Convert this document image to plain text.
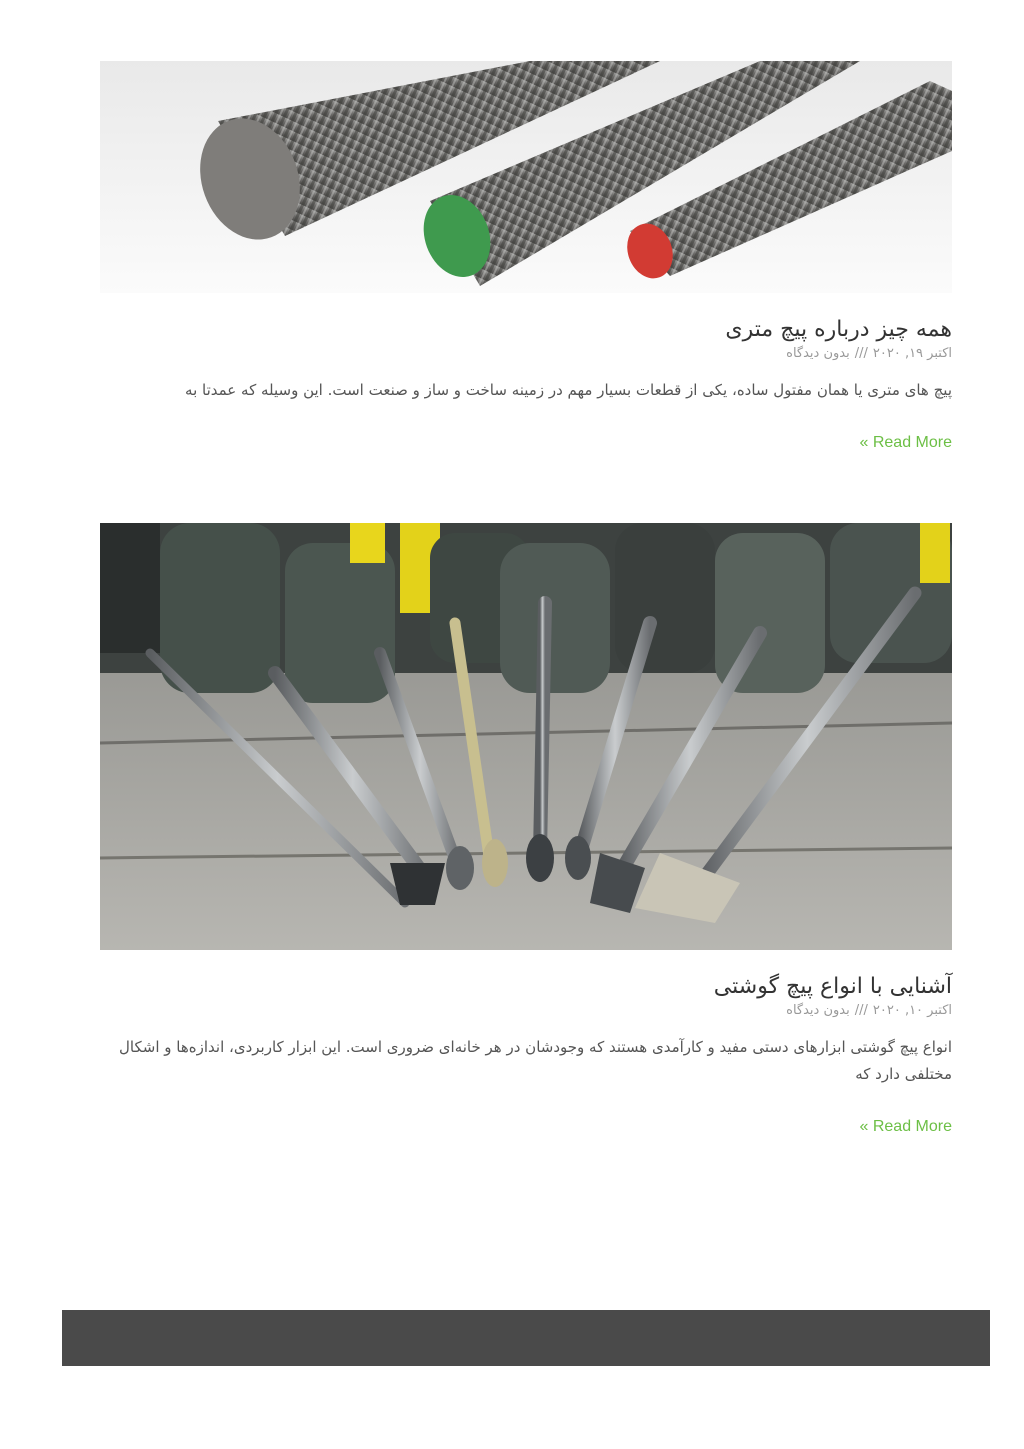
همه چیز درباره پیچ متری
اکتبر ۱۹, ۲۰۲۰///بدون دیدگاه

پیچ های متری یا همان مفتول ساده، یکی از قطعات بسیار مهم در زمینه ساخت و ساز و صنعت است. این وسیله که عمدتا به

« Read More
آشنایی با انواع پیچ گوشتی
اکتبر ۱۰, ۲۰۲۰///بدون دیدگاه

انواع پیچ گوشتی ابزارهای دستی مفید و کارآمدی هستند که وجودشان در هر خانه‌ای ضروری است. این ابزار کاربردی، اندازه‌ها و اشکال مختلفی دارد که

« Read More
